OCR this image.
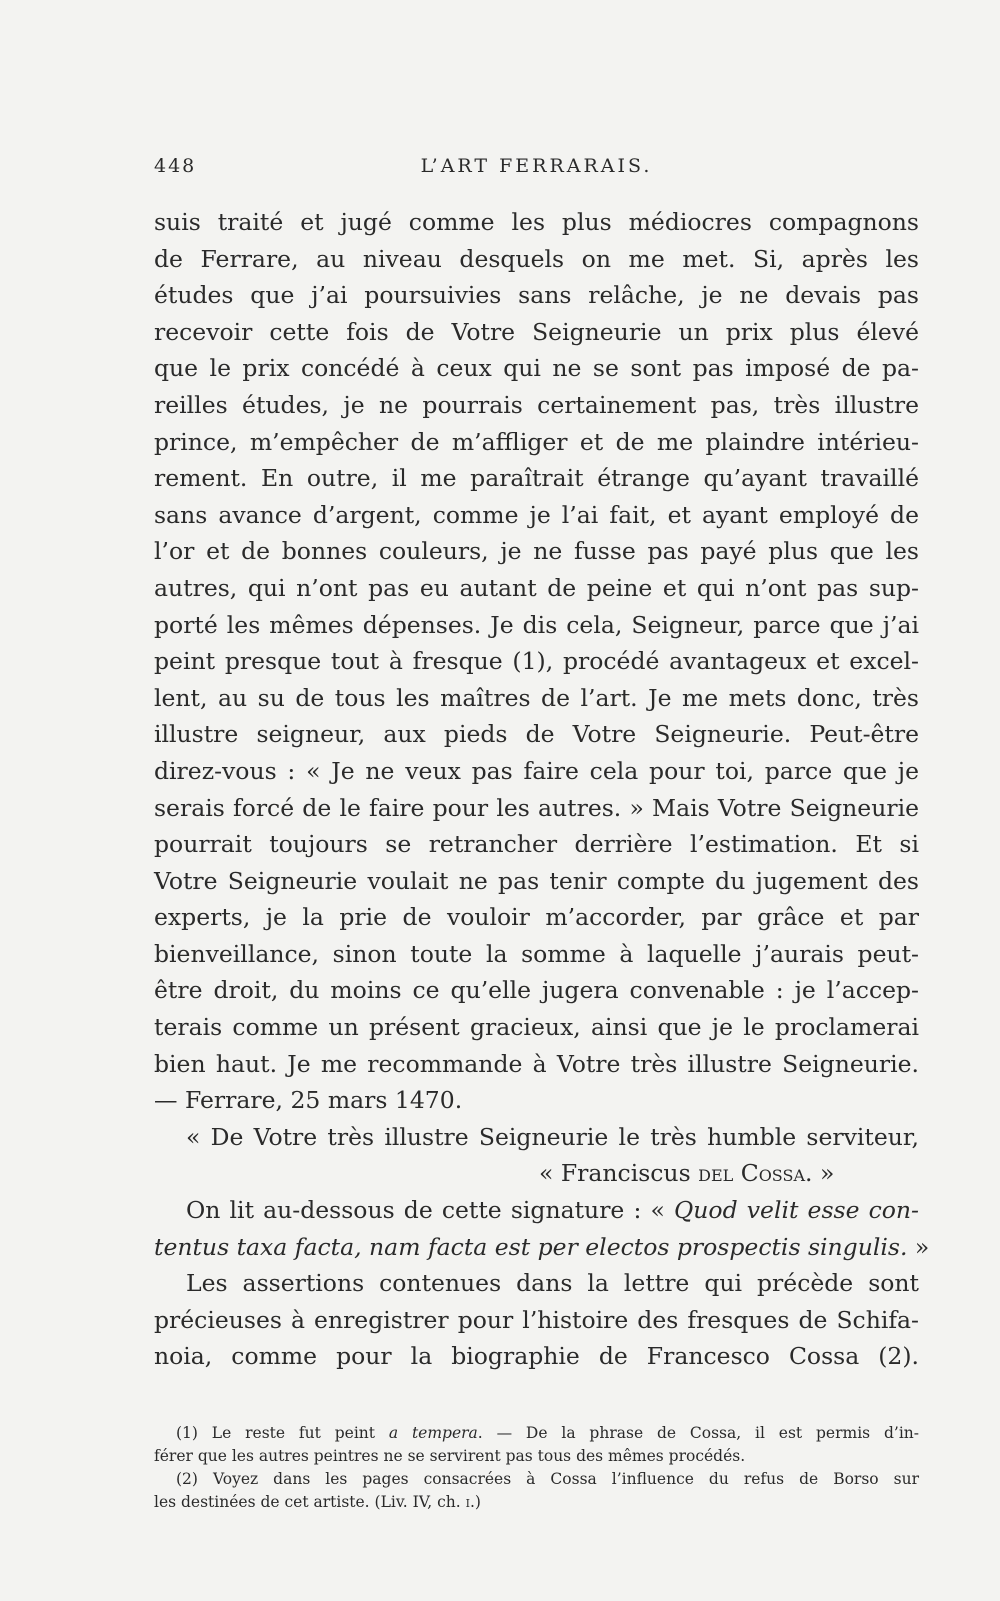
448	L’ART FERRARAIS.
suis traité et jugé comme les plus médiocres compagnons
de Ferrare, au niveau desquels on me met. Si, après les
études que j’ai poursuivies sans relâche, je ne devais pas
recevoir cette fois de Votre Seigneurie un prix plus élevé
que le prix concédé à ceux qui ne se sont pas imposé de pa-
reilles études, je ne pourrais certainement pas, très illustre
prince, m’empêcher de m’affliger et de me plaindre intérieu-
rement. En outre, il me paraîtrait étrange qu’ayant travaillé
sans avance d’argent, comme je l’ai fait, et ayant employé de
l’or et de bonnes couleurs, je ne fusse pas payé plus que les
autres, qui n’ont pas eu autant de peine et qui n’ont pas sup-
porté les mêmes dépenses. Je dis cela, Seigneur, parce que j’ai
peint presque tout à fresque (1), procédé avantageux et excel-
lent, au su de tous les maîtres de l’art. Je me mets donc, très
illustre seigneur, aux pieds de Votre Seigneurie. Peut-être
direz-vous : « Je ne veux pas faire cela pour toi, parce que je
serais forcé de le faire pour les autres. » Mais Votre Seigneurie
pourrait toujours se retrancher derrière l’estimation. Et si
Votre Seigneurie voulait ne pas tenir compte du jugement des
experts, je la prie de vouloir m’accorder, par grâce et par
bienveillance, sinon toute la somme à laquelle j’aurais peut-
être droit, du moins ce qu’elle jugera convenable : je l’accep-
terais comme un présent gracieux, ainsi que je le proclamerai
bien haut. Je me recommande à Votre très illustre Seigneurie.
— Ferrare, 25 mars 1470.
« De Votre très illustre Seigneurie le très humble serviteur,
« Franciscus del Cossa. »
On lit au-dessous de cette signature : « Quod velit esse con-
tentus taxa facta, nam facta est per electos prospectis singulis. »
Les assertions contenues dans la lettre qui précède sont
précieuses à enregistrer pour l’histoire des fresques de Schifa-
noia, comme pour la biographie de Francesco Cossa (2).
(1) Le reste fut peint a tempera. — De la phrase de Cossa, il est permis d’in-
férer que les autres peintres ne se servirent pas tous des mêmes procédés.
(2) Voyez dans les pages consacrées à Cossa l’influence du refus de Borso sur
les destinées de cet artiste. (Liv. IV, ch. i.)
